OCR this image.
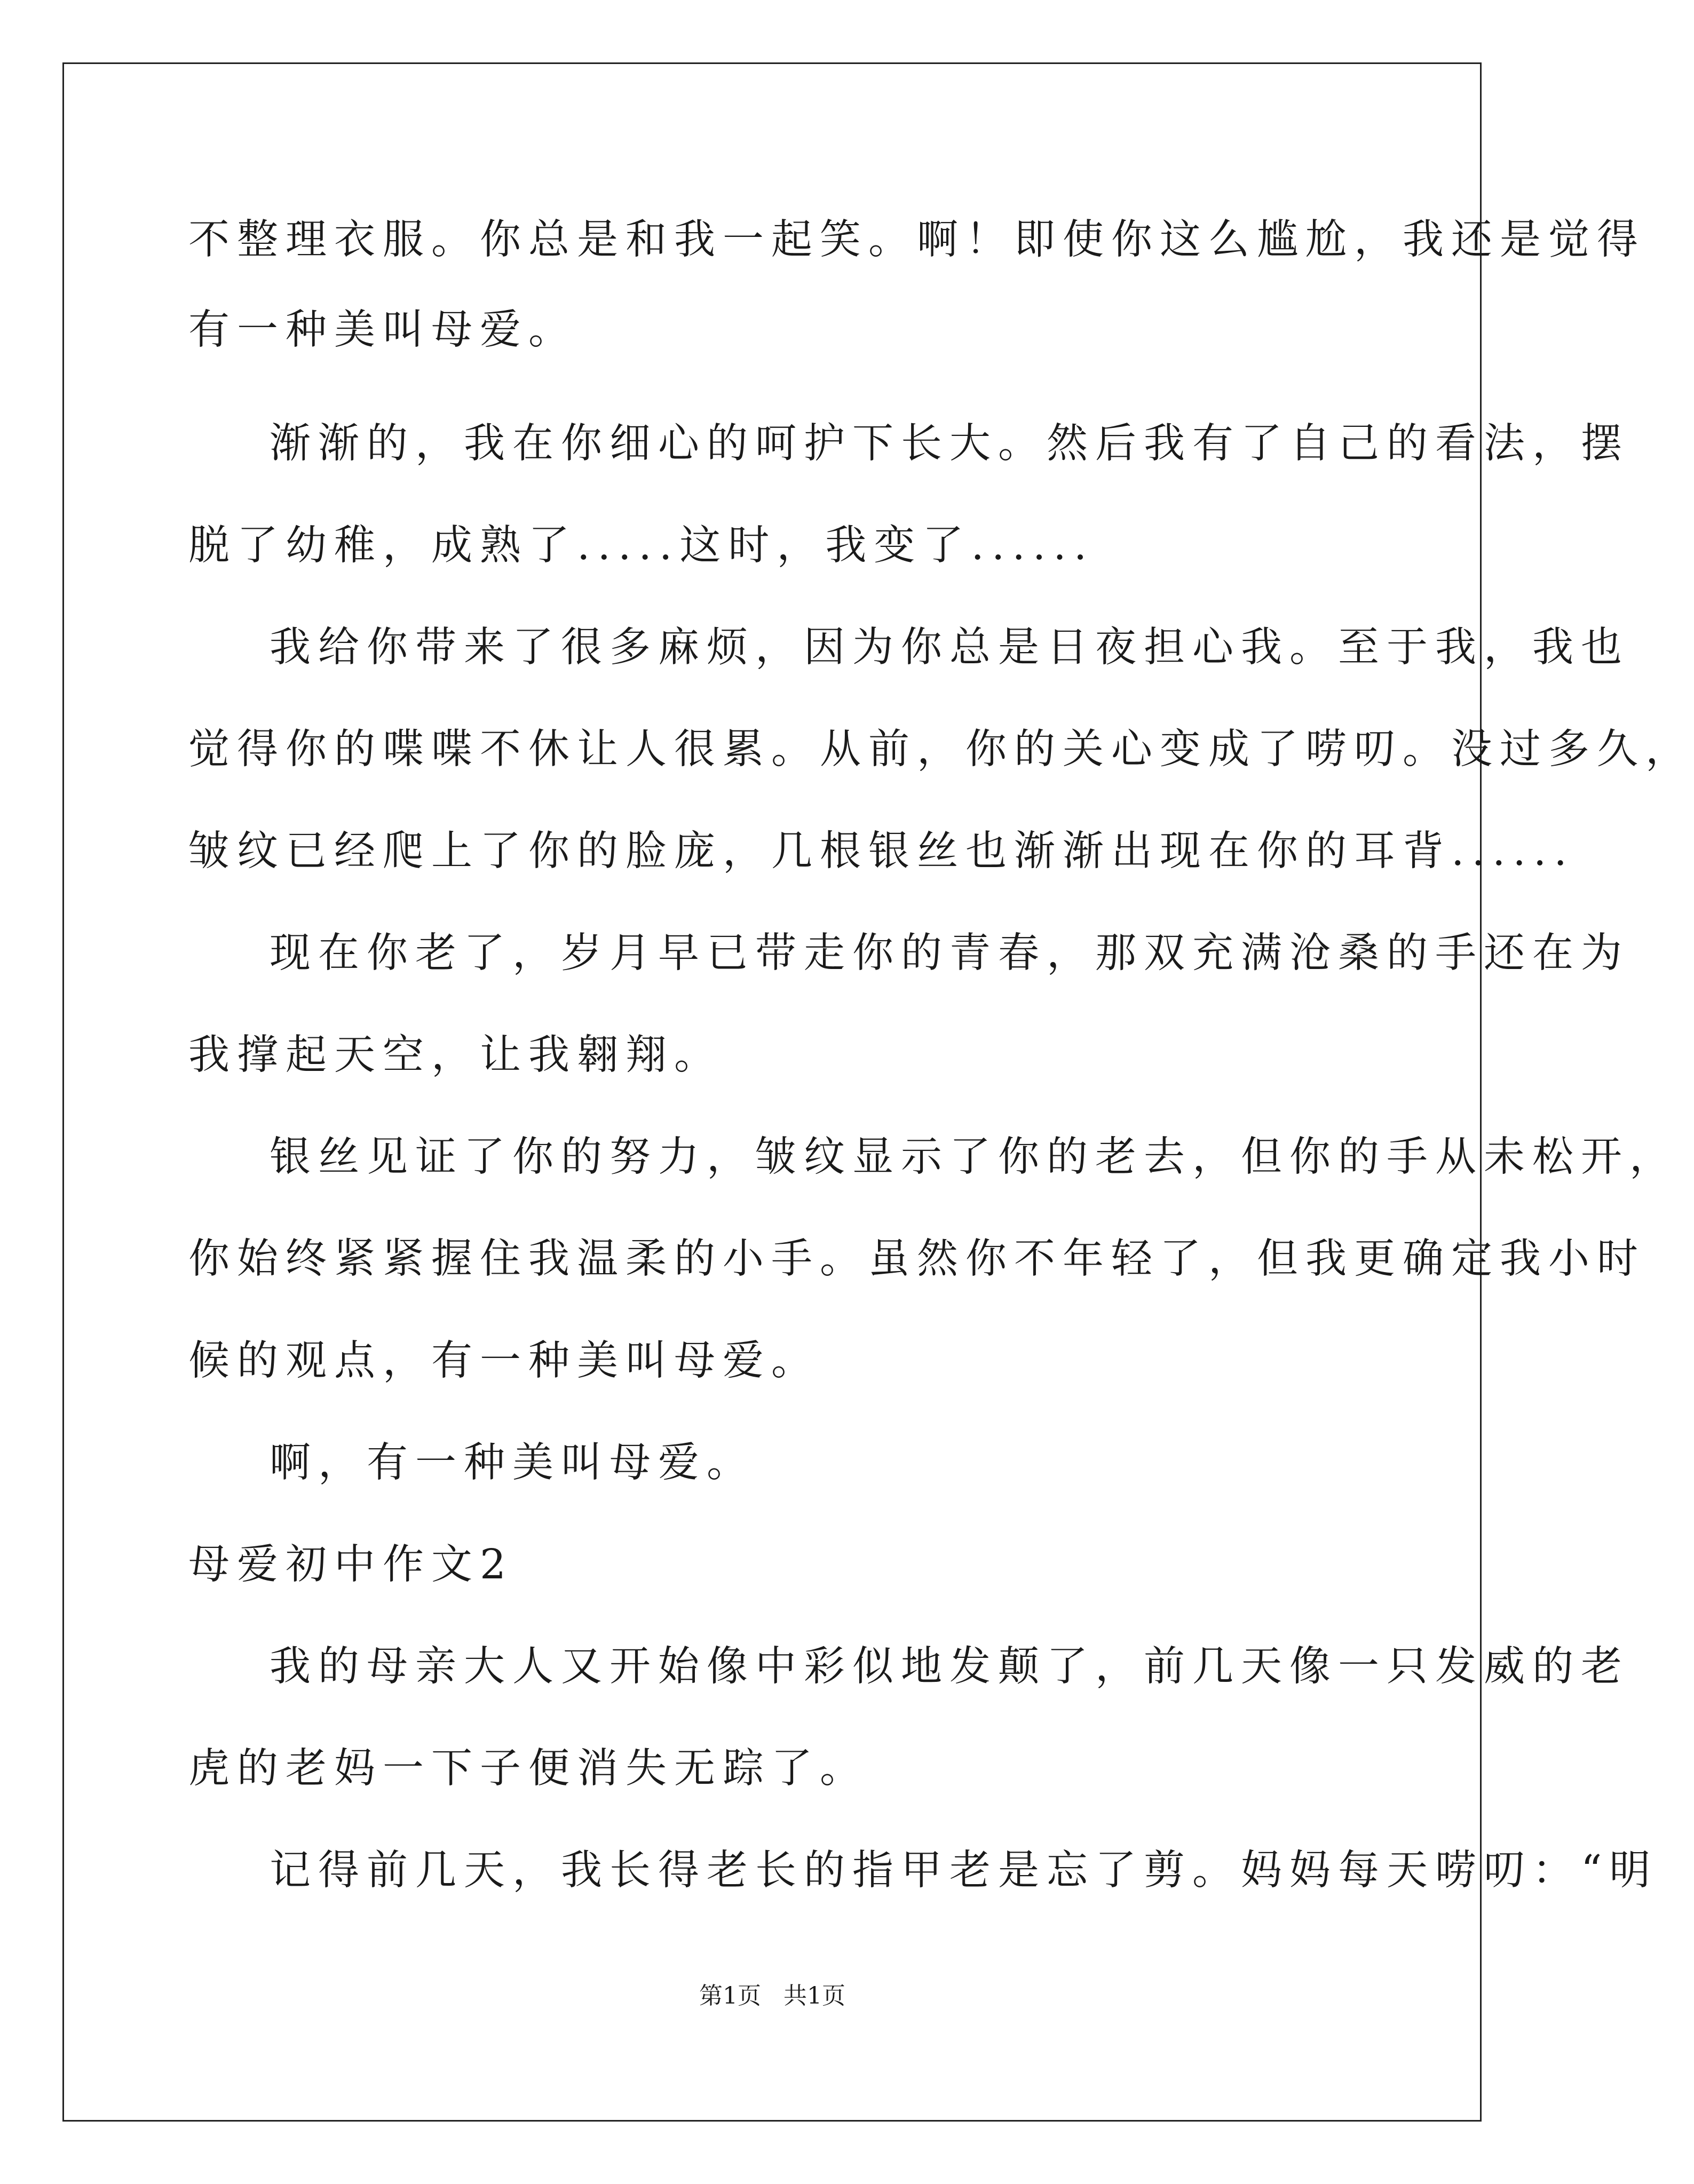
不整理衣服。你总是和我一起笑。啊！即使你这么尴尬，我还是觉得
有一种美叫母爱。
渐渐的，我在你细心的呵护下长大。然后我有了自己的看法，摆
脱了幼稚，成熟了.....这时，我变了......
我给你带来了很多麻烦，因为你总是日夜担心我。至于我，我也
觉得你的喋喋不休让人很累。从前，你的关心变成了唠叨。没过多久，
皱纹已经爬上了你的脸庞，几根银丝也渐渐出现在你的耳背......
现在你老了，岁月早已带走你的青春，那双充满沧桑的手还在为
我撑起天空，让我翱翔。
银丝见证了你的努力，皱纹显示了你的老去，但你的手从未松开，
你始终紧紧握住我温柔的小手。虽然你不年轻了，但我更确定我小时
候的观点，有一种美叫母爱。
啊，有一种美叫母爱。
母爱初中作文2
我的母亲大人又开始像中彩似地发颠了，前几天像一只发威的老
虎的老妈一下子便消失无踪了。
记得前几天，我长得老长的指甲老是忘了剪。妈妈每天唠叨：“明
第1页   共1页
